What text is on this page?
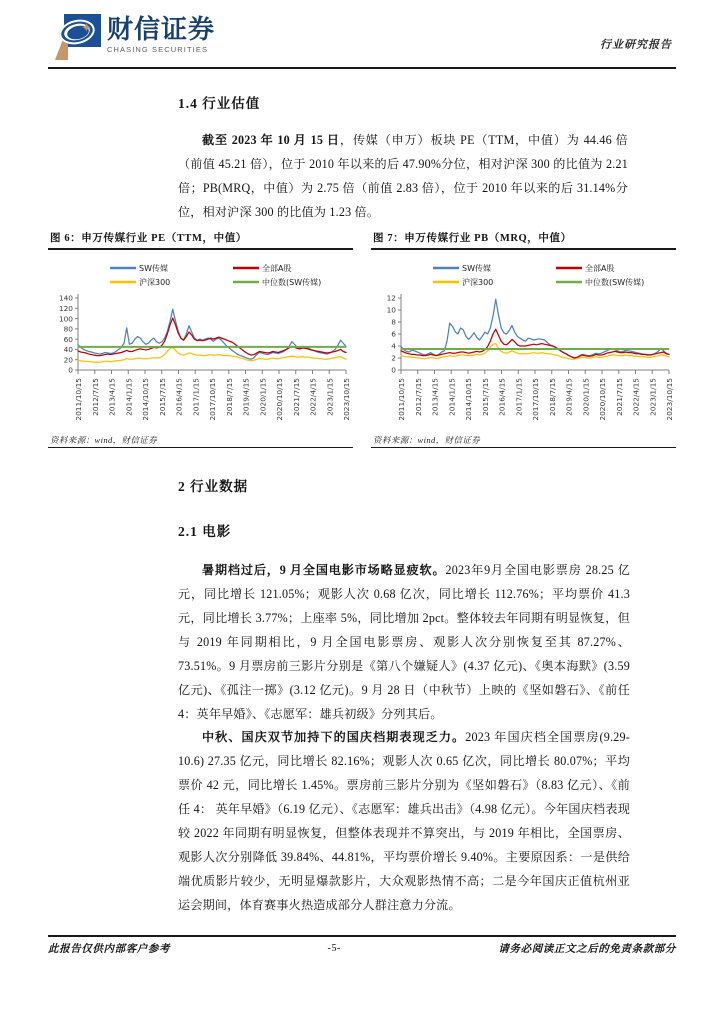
✦ 财信证券
CHASING SECURITIES	行业研究报告
1.4 行业估值
截至 2023 年 10 月 15 日，传媒（申万）板块 PE（TTM，中值）为 44.46 倍（前值 45.21 倍），位于 2010 年以来的后 47.90%分位，相对沪深 300 的比值为 2.21 倍；PB(MRQ，中值）为 2.75 倍（前值 2.83 倍），位于 2010 年以来的后 31.14%分位，相对沪深 300 的比值为 1.23 倍。
图 6：申万传媒行业 PE（TTM，中值）
SW传媒	全部A股
沪深300	中位数(SW传媒)
0
20
40
60
80
100
120
140
2011/10/15 2012/7/15 2013/4/15 2014/1/15 2014/10/15 2015/7/15 2016/4/15 2017/1/15 2017/10/15 2018/7/15 2019/4/15 2020/1/15 2020/10/15 2021/7/15 2022/4/15 2023/1/15 2023/10/15
资料来源：wind，财信证券
图 7：申万传媒行业 PB（MRQ，中值）
SW传媒	全部A股
沪深300	中位数(SW传媒)
0
2
4
6
8
10
12
2011/10/15 2012/7/15 2013/4/15 2014/1/15 2014/10/15 2015/7/15 2016/4/15 2017/1/15 2017/10/15 2018/7/15 2019/4/15 2020/1/15 2020/10/15 2021/7/15 2022/4/15 2023/1/15 2023/10/15
资料来源：wind，财信证券
2 行业数据
2.1 电影
暑期档过后，9 月全国电影市场略显疲软。2023年9月全国电影票房 28.25 亿元，同比增长 121.05%；观影人次 0.68 亿次，同比增长 112.76%；平均票价 41.3 元，同比增长 3.77%；上座率 5%，同比增加 2pct。整体较去年同期有明显恢复，但与 2019 年同期相比，9 月全国电影票房、观影人次分别恢复至其 87.27%、73.51%。9 月票房前三影片分别是《第八个嫌疑人》(4.37 亿元)、《奥本海默》(3.59 亿元)、《孤注一掷》(3.12 亿元)。9 月 28 日（中秋节）上映的《坚如磐石》、《前任 4：英年早婚》、《志愿军：雄兵初级》分列其后。
中秋、国庆双节加持下的国庆档期表现乏力。2023 年国庆档全国票房(9.29-10.6) 27.35 亿元，同比增长 82.16%；观影人次 0.65 亿次，同比增长 80.07%；平均票价 42 元，同比增长 1.45%。票房前三影片分别为《坚如磐石》（8.83 亿元）、《前任 4： 英年早婚》（6.19 亿元）、《志愿军：雄兵出击》（4.98 亿元）。今年国庆档表现较 2022 年同期有明显恢复，但整体表现并不算突出，与 2019 年相比，全国票房、观影人次分别降低 39.84%、44.81%，平均票价增长 9.40%。主要原因系：一是供给端优质影片较少，无明显爆款影片，大众观影热情不高；二是今年国庆正值杭州亚运会期间，体育赛事火热造成部分人群注意力分流。
此报告仅供内部客户参考	-5-	请务必阅读正文之后的免责条款部分
